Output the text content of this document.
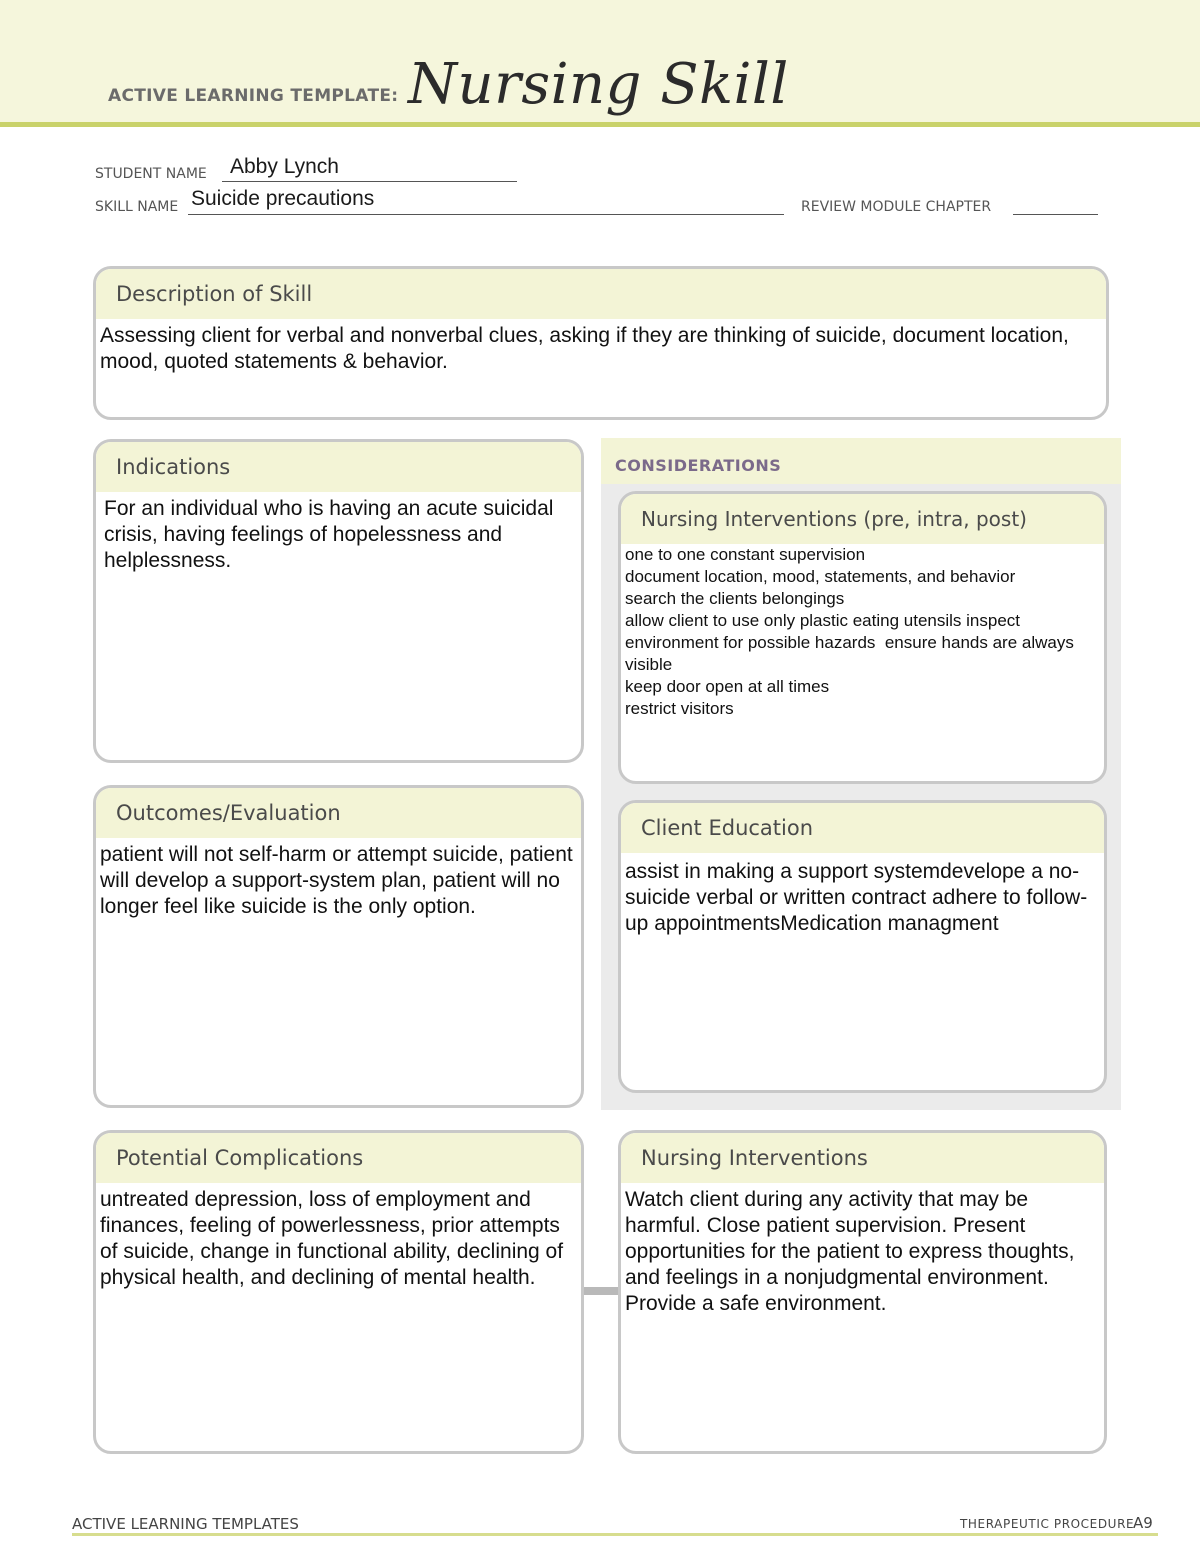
ACTIVE LEARNING TEMPLATE: Nursing Skill
STUDENT NAME Abby Lynch
SKILL NAME Suicide precautions	REVIEW MODULE CHAPTER
Description of Skill
Assessing client for verbal and nonverbal clues, asking if they are thinking of suicide, document location, mood, quoted statements & behavior.
Indications
For an individual who is having an acute suicidal crisis, having feelings of hopelessness and helplessness.
CONSIDERATIONS
Nursing Interventions (pre, intra, post)
one to one constant supervision
document location, mood, statements, and behavior
search the clients belongings
allow client to use only plastic eating utensils inspect environment for possible hazards  ensure hands are always visible
keep door open at all times
restrict visitors
Client Education
assist in making a support systemdevelope a no-suicide verbal or written contract adhere to follow-up appointmentsMedication managment
Outcomes/Evaluation
patient will not self-harm or attempt suicide, patient will develop a support-system plan, patient will no longer feel like suicide is the only option.
Potential Complications
untreated depression, loss of employment and finances, feeling of powerlessness, prior attempts of suicide, change in functional ability, declining of physical health, and declining of mental health.
Nursing Interventions
Watch client during any activity that may be harmful. Close patient supervision. Present opportunities for the patient to express thoughts, and feelings in a nonjudgmental environment. Provide a safe environment.
ACTIVE LEARNING TEMPLATES	THERAPEUTIC PROCEDURE
A9
